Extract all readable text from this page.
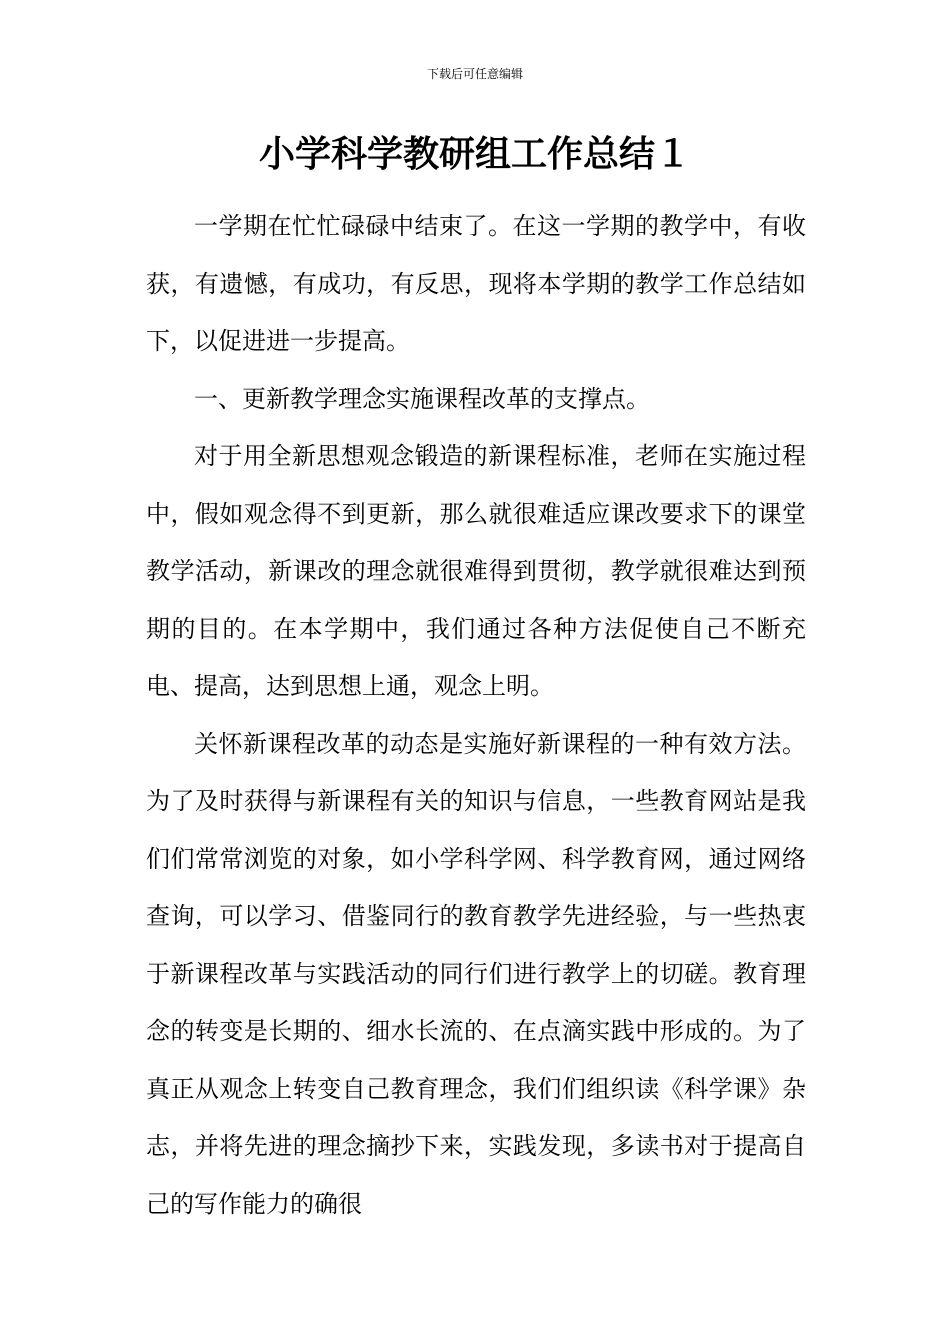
下载后可任意编辑
小学科学教研组工作总结１

一学期在忙忙碌碌中结束了。在这一学期的教学中，有收获，有遗憾，有成功，有反思，现将本学期的教学工作总结如下，以促进进一步提高。

一、更新教学理念实施课程改革的支撑点。

对于用全新思想观念锻造的新课程标准，老师在实施过程中，假如观念得不到更新，那么就很难适应课改要求下的课堂教学活动，新课改的理念就很难得到贯彻，教学就很难达到预期的目的。在本学期中，我们通过各种方法促使自己不断充电、提高，达到思想上通，观念上明。

关怀新课程改革的动态是实施好新课程的一种有效方法。为了及时获得与新课程有关的知识与信息，一些教育网站是我们们常常浏览的对象，如小学科学网、科学教育网，通过网络查询，可以学习、借鉴同行的教育教学先进经验，与一些热衷于新课程改革与实践活动的同行们进行教学上的切磋。教育理念的转变是长期的、细水长流的、在点滴实践中形成的。为了真正从观念上转变自己教育理念，我们们组织读《科学课》杂志，并将先进的理念摘抄下来，实践发现，多读书对于提高自己的写作能力的确很
